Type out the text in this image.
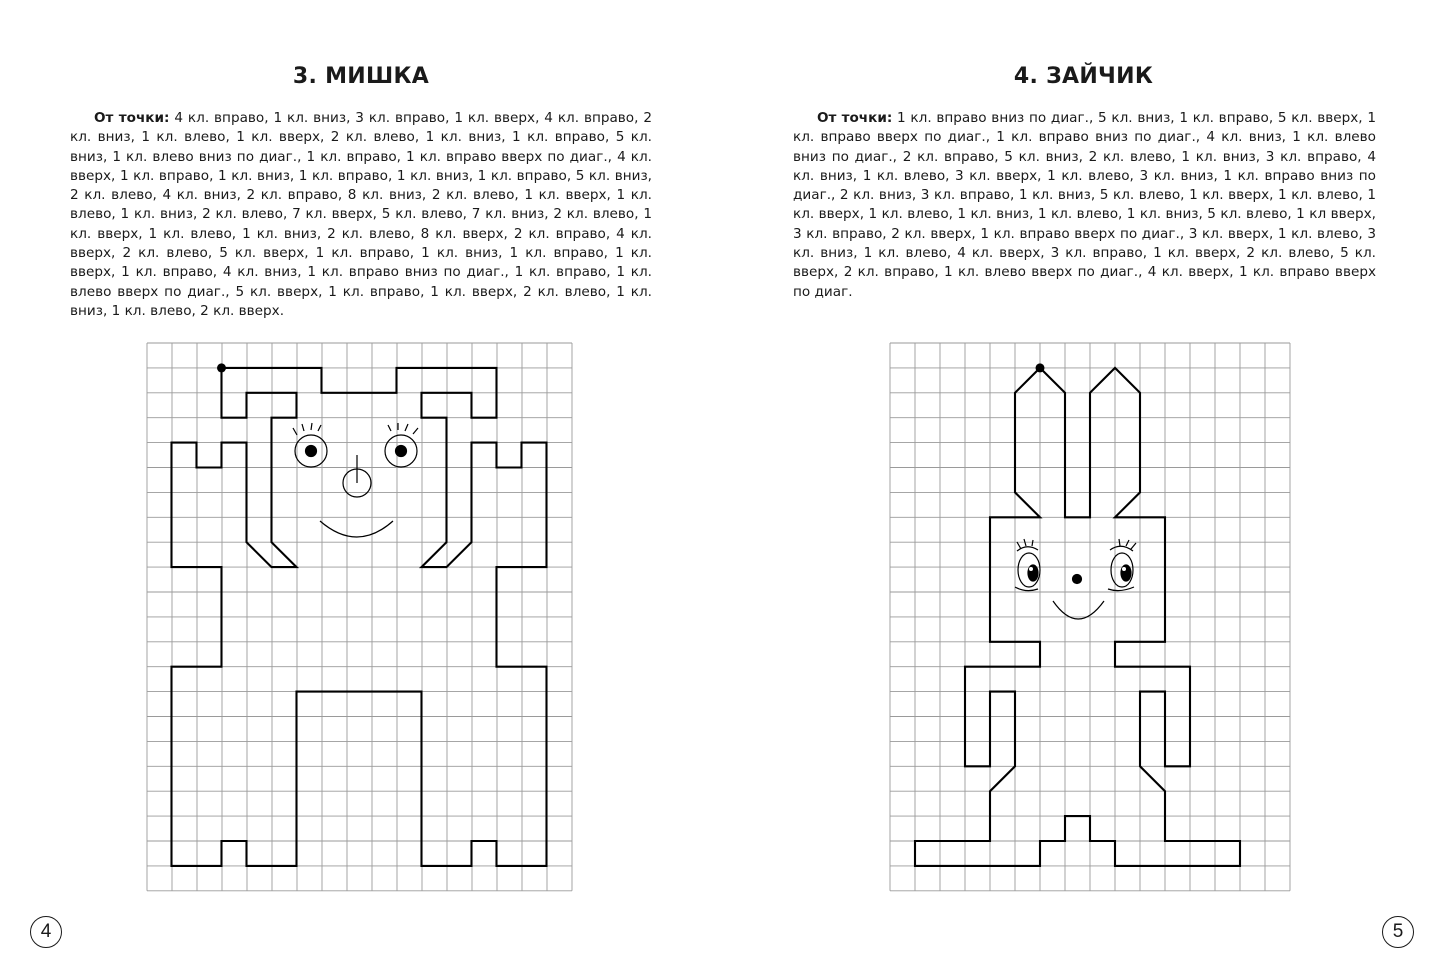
3. МИШКА

От точки: 4 кл. вправо, 1 кл. вниз, 3 кл. вправо, 1 кл. вверх, 4 кл. вправо, 2 кл. вниз, 1 кл. влево, 1 кл. вверх, 2 кл. влево, 1 кл. вниз, 1 кл. вправо, 5 кл. вниз, 1 кл. влево вниз по диаг., 1 кл. вправо, 1 кл. вправо вверх по диаг., 4 кл. вверх, 1 кл. вправо, 1 кл. вниз, 1 кл. вправо, 1 кл. вниз, 1 кл. вправо, 5 кл. вниз, 2 кл. влево, 4 кл. вниз, 2 кл. вправо, 8 кл. вниз, 2 кл. влево, 1 кл. вверх, 1 кл. влево, 1 кл. вниз, 2 кл. влево, 7 кл. вверх, 5 кл. влево, 7 кл. вниз, 2 кл. влево, 1 кл. вверх, 1 кл. влево, 1 кл. вниз, 2 кл. влево, 8 кл. вверх, 2 кл. вправо, 4 кл. вверх, 2 кл. влево, 5 кл. вверх, 1 кл. вправо, 1 кл. вниз, 1 кл. вправо, 1 кл. вверх, 1 кл. вправо, 4 кл. вниз, 1 кл. вправо вниз по диаг., 1 кл. вправо, 1 кл. влево вверх по диаг., 5 кл. вверх, 1 кл. вправо, 1 кл. вверх, 2 кл. влево, 1 кл. вниз, 1 кл. влево, 2 кл. вверх.

4
4. ЗАЙЧИК

От точки: 1 кл. вправо вниз по диаг., 5 кл. вниз, 1 кл. вправо, 5 кл. вверх, 1 кл. вправо вверх по диаг., 1 кл. вправо вниз по диаг., 4 кл. вниз, 1 кл. влево вниз по диаг., 2 кл. вправо, 5 кл. вниз, 2 кл. влево, 1 кл. вниз, 3 кл. вправо, 4 кл. вниз, 1 кл. влево, 3 кл. вверх, 1 кл. влево, 3 кл. вниз, 1 кл. вправо вниз по диаг., 2 кл. вниз, 3 кл. вправо, 1 кл. вниз, 5 кл. влево, 1 кл. вверх, 1 кл. влево, 1 кл. вверх, 1 кл. влево, 1 кл. вниз, 1 кл. влево, 1 кл. вниз, 5 кл. влево, 1 кл вверх, 3 кл. вправо, 2 кл. вверх, 1 кл. вправо вверх по диаг., 3 кл. вверх, 1 кл. влево, 3 кл. вниз, 1 кл. влево, 4 кл. вверх, 3 кл. вправо, 1 кл. вверх, 2 кл. влево, 5 кл. вверх, 2 кл. вправо, 1 кл. влево вверх по диаг., 4 кл. вверх, 1 кл. вправо вверх по диаг.

5
